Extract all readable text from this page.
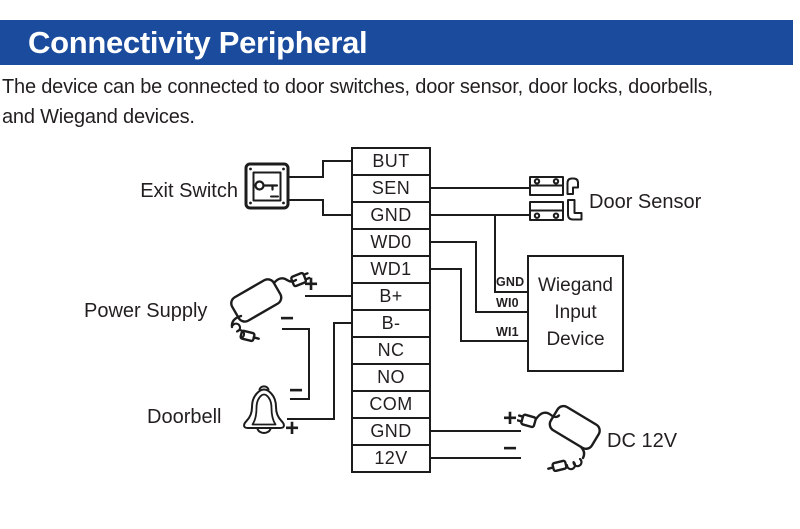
Connectivity Peripheral
The device can be connected to door switches, door sensor, door locks, doorbells,
and Wiegand devices.
BUT
SEN
GND
WD0
WD1
B+
B-
NC
NO
COM
GND
12V
Exit Switch	Door Sensor
Power Supply
+
−
Doorbell
−
+
Wiegand
Input
Device
GND
WI0
WI1
DC 12V
+
−
